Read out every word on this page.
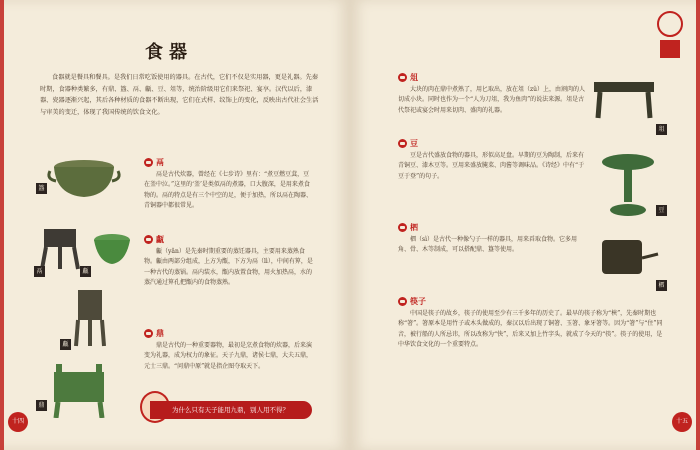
食器
食器就是餐具和餐具。是我们日常吃饭使用的器具。在古代，它们不仅是实用器，更是礼器。先秦时期，食器种类繁多，有鼎、簋、鬲、甗、豆、俎等，统治阶级用它们来祭祀、宴享。汉代以后，漆器、瓷器逐渐兴起，其后各种材质的食器不断出现，它们在式样、纹饰上的变化，反映出古代社会生活与审美的变迁，体现了我国传统的饮食文化。
簋
鬲	甗
甗
鼎
鬲

鬲是古代炊器，曾经在《七步诗》里有：“煮豆燃豆萁，豆在釜中泣。”这里的‘釜’是类似鬲的煮器，口大腹深，是用来煮食物的。鬲的特点是有三个中空的足，便于加热，所以鬲在陶器、青铜器中都很常见。

甗

甗（yǎn）是先秦时期重要的蒸饪器具，主要用来蒸熟食物。甗由两部分组成，上方为甑，下方为鬲（lì），中间有箅，是一种古代的蒸锅。鬲内装水，甑内放置食物，用火加热鬲，水的蒸汽通过箅孔把甑内的食物蒸熟。

鼎

鼎是古代的一种重要器物，最初是烹煮食物的炊器，后来演变为礼器，成为权力的象征。天子九鼎，诸侯七鼎，大夫五鼎，元士三鼎。“问鼎中原”就是指企图夺取天下。

为什么只有天子能用九鼎，别人用不得？
十四
俎

大块的肉在鼎中煮熟了，用匕取出，放在俎（zǔ）上，由割肉的人切成小块。同时也作为一个“人为刀俎，我为鱼肉”的说法来源。俎是古代祭祀或宴会时用来切肉、盛肉的礼器。

豆

豆是古代盛放食物的器具，形似高足盘。早期的豆为陶制，后来有青铜豆、漆木豆等。豆用来盛放腌菜、肉酱等调味品。《诗经》中有“于豆于登”的句子。

柶

柶（sì）是古代一种像勺子一样的器具，用来舀取食物。它多用角、骨、木等制成，可以搭配鼎、簋等使用。

筷子

中国是筷子的故乡，筷子的使用至少有三千多年的历史了。最早的筷子称为“梜”，先秦时期也称“箸”。箸原本是用竹子或木头做成的，秦汉以后出现了铜箸、玉箸、象牙箸等。因为“箸”与“住”同音，被行船的人所忌讳，所以改称为“快”，后来又加上竹字头，就成了今天的“筷”。筷子的使用，是中华饮食文化的一个重要特点。

俎
豆
柶
十五
